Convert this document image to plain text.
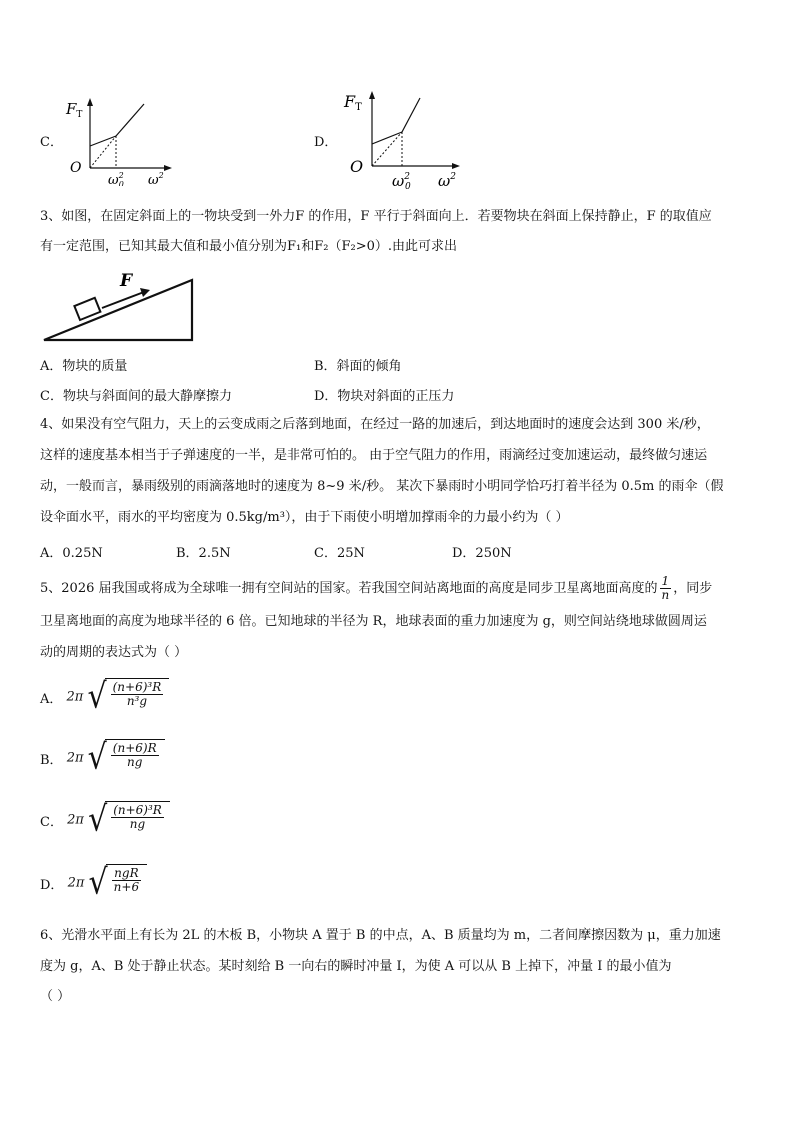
C．
$F_T$
O
$\omega^2$ 0 $\omega^2$
D．
FT
O
$\omega^2$ 0 $\omega^2$
3、如图，在固定斜面上的一物块受到一外力F 的作用，F 平行于斜面向上．若要物块在斜面上保持静止，F 的取值应
有一定范围，已知其最大值和最小值分别为F₁和F₂（F₂>0）.由此可求出
F
A．物块的质量	B．斜面的倾角
C．物块与斜面间的最大静摩擦力	D．物块对斜面的正压力
4、如果没有空气阻力，天上的云变成雨之后落到地面，在经过一路的加速后，到达地面时的速度会达到 300 米/秒，
这样的速度基本相当于子弹速度的一半，是非常可怕的。 由于空气阻力的作用，雨滴经过变加速运动，最终做匀速运
动，一般而言，暴雨级别的雨滴落地时的速度为 8~9 米/秒。 某次下暴雨时小明同学恰巧打着半径为 0.5m 的雨伞（假
设伞面水平，雨水的平均密度为 0.5kg/m³），由于下雨使小明增加撑雨伞的力最小约为（ ）
A．0.25N	B．2.5N	C．25N	D．250N
5、2026 届我国或将成为全球唯一拥有空间站的国家。若我国空间站离地面的高度是同步卫星离地面高度的 $\frac{1}{n}$ ，同步
卫星离地面的高度为地球半径的 6 倍。已知地球的半径为 R，地球表面的重力加速度为 g，则空间站绕地球做圆周运
动的周期的表达式为（ ）
A． 2π √ $\frac{\text{(n+6)³R}}{\text{n³g}}$
B． 2π √ $\frac{(n+6)R}{ng}$
C． 2π √ $\frac{\text{(n+6)³R}}{ng}$
D． 2π √ $\frac{\text{ngR}}{n+6}$
6、光滑水平面上有长为 2L 的木板 B，小物块 A 置于 B 的中点，A、B 质量均为 m，二者间摩擦因数为 μ，重力加速
度为 g，A、B 处于静止状态。某时刻给 B 一向右的瞬时冲量 I，为使 A 可以从 B 上掉下，冲量 I 的最小值为
（ ）
